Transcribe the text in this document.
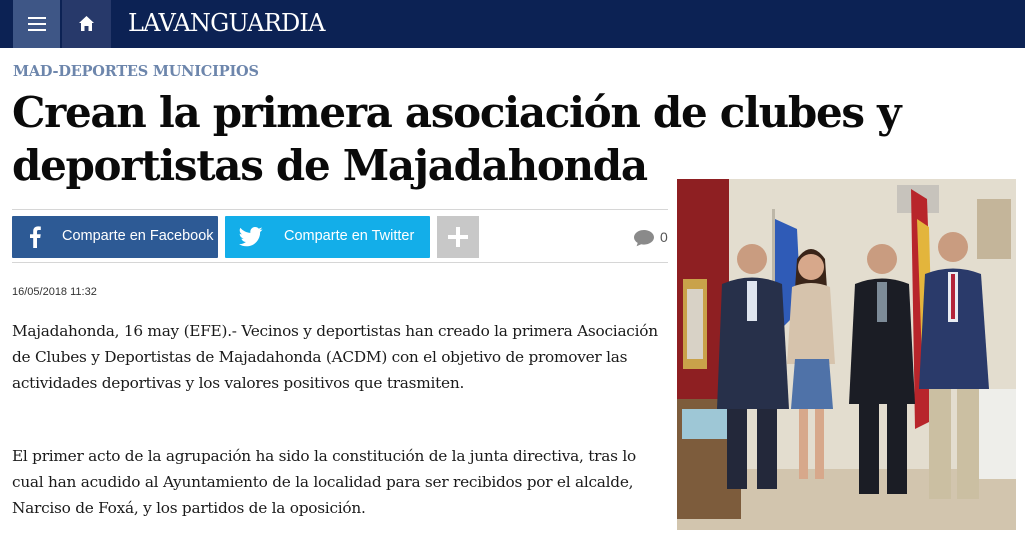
LAVANGUARDIA
MAD-DEPORTES MUNICIPIOS
Crean la primera asociación de clubes y
deportistas de Majadahonda
Comparte en Facebook	Comparte en Twitter	0
16/05/2018 11:32

Majadahonda, 16 may (EFE).- Vecinos y deportistas han creado la primera Asociación de Clubes y Deportistas de Majadahonda (ACDM) con el objetivo de promover las actividades deportivas y los valores positivos que trasmiten.

El primer acto de la agrupación ha sido la constitución de la junta directiva, tras lo cual han acudido al Ayuntamiento de la localidad para ser recibidos por el alcalde, Narciso de Foxá, y los partidos de la oposición.
